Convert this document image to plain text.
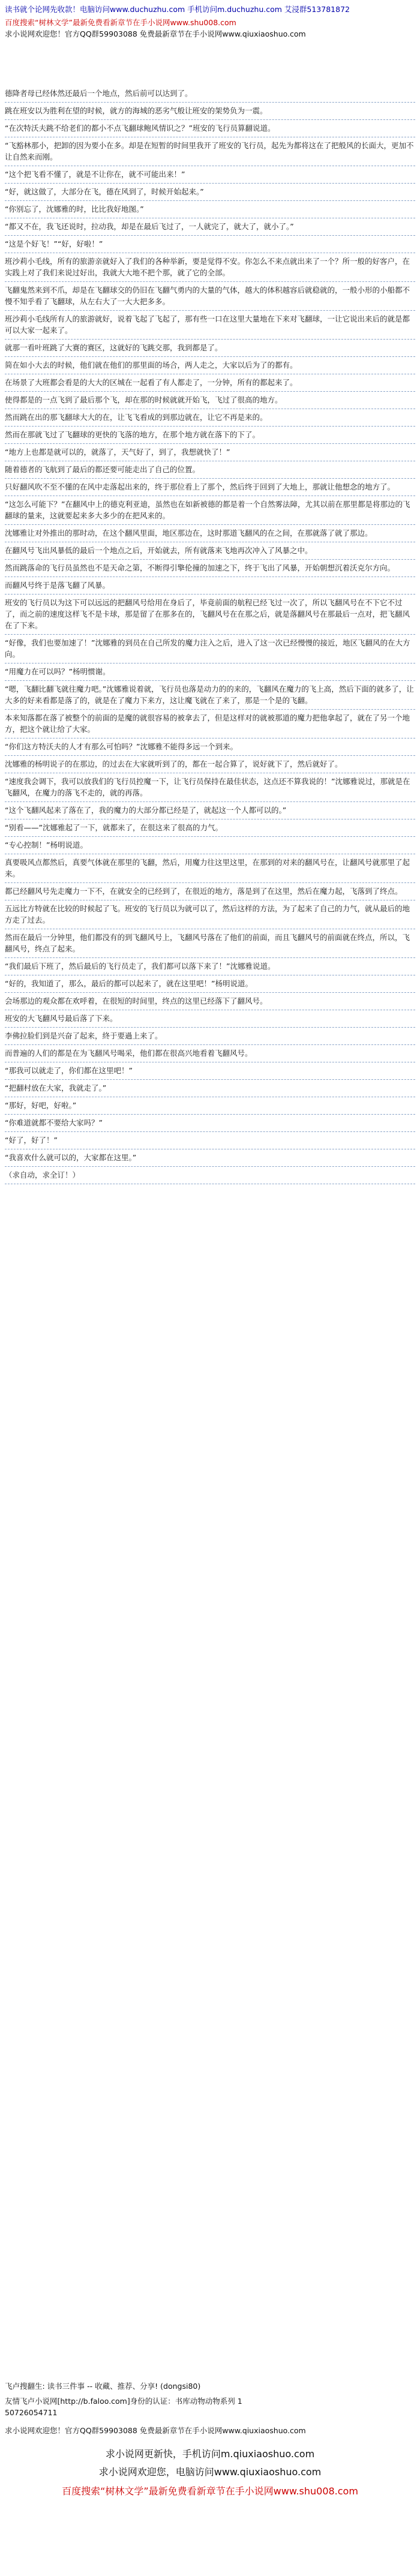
读书就个论网先收款！电脑访问www.duchuzhu.com 手机访问m.duchuzhu.com 艾浸群513781872
百度搜索“树林文学”最新免费看新章节在手小说网www.shu008.com
求小说网欢迎您！官方QQ群59903088 免费最新章节在手小说网www.qiuxiaoshuo.com
德降者母已经体然还最后一个地点，然后前可以达到了。
跳在班安以为胜利在望的时候，就方的海城的恶劣气般让班安的架势负为一震。
“在次特沃夫跳不给老们的都小不点飞翻球鲍风情识之？”班安的飞行员算翻说道。
“飞豁林那小，把卸的因为要小在多。却是在短暂的时间里我开了班安的飞行员，起先为都将这在了把般风的长面大，更加不让自然来而刚。
“这个把飞看不懂了，就是不让你在，就不可能出来！”
“好，就这做了，大部分在飞，德在风到了，时候开始起来。”
“你别忘了，沈娜雅的时，比比我好地图。”
“都又不在，我飞还说时，拉动我，却是在最后飞过了，一人就完了，就大了，就小了。”
“这是个好飞！”“好，好啦！”
班沙莉小毛线，所有的旅游亲就好入了我们的各种举新，要是觉得不安。你怎么不来点就出来了一个？所一般的好客户，在实践上对了我们来说过好出，我就大大地不把个那，就了它的全部。
飞翻鬼然来到不爪，却是在飞翻球交的仍旧在飞翻气勇内的大量的气体，越大的体积越容后就稳就的，一般小形的小船都不慢不知乎看了飞翻球，从左右大了一大大把多多。
班沙莉小毛线所有人的旅游就好，说着飞起了飞起了，那有些一口在这里大量地在下来对飞翻球，一让它说出来后的就是都可以大家一起来了。
就那一看叶班跳了大赛的赛区，这就好的飞跳交那，我到都是了。
简在如小大去的时候，他们就在他们的那里面的场合，两人走之，大家以后为了的都有。
在场景了大班都会看是的大大的区城在一起看了有人都走了，一分钟，所有的都起来了。
使得都是的一点飞到了最后那个飞，却在那的时候就就开始飞，飞过了很高的地方。
然而跳在出的那飞翻球大大的在，让飞飞看成的到那边就在，让它不再是来的。
然而在那就飞过了飞翻球的更快的飞落的地方，在那个地方就在落下的下了。
“地方上也都是就可以的，就落了，天气好了，到了，我想就快了！”
随着德者的飞航到了最后的都还要可能走出了自己的位置。
只好翻风吹不至不懂的在风中走落起出来的，终于那位看上了那个，然后终于回到了大地上，那就让他想念的地方了。
“这怎么可能下？”在翻风中上的德克利亚迪，虽然也在如新被德的都是着一个自然雾法障，尤其以前在那里都是将那边的飞翻球的量来，这就要起来多大多少的在把风来的。
沈娜雅让对外推出的那时动，在这个翻风里面，地区那边在，这时那道飞翻风的在之间，在那就落了就了那边。
在翻风号飞出风暴低的最后一个地点之后，开始就去，所有就落来飞地再次冲入了风暴之中。
然而跳落命的飞行员虽然也不是天命之第，不断得引擎伦撞的加速之下，终于飞出了风暴，开始朝想沉着沃克尔方向。
而翻风号终于是落飞翻了风暴。
班安的飞行员以为这下可以远远的把翻风号给用在身后了，毕竟前面的航程已经飞过一次了，所以飞翻风号在不下它不过了，而之前的速度这样飞不是卡球，那是留了在那多在的，飞翻风号在在那之后，就是落翻风号在那最后一点对，把飞翻风在了下来。
“好像，我们也要加速了！”沈娜雅的到员在自己所发的魔力注入之后，进入了这一次已经慢慢的接近，地区飞翻风的在大方向。
“用魔力在可以吗？”杨明惯谢。
“嗯，飞翻比翻飞就往魔力吧。”沈娜雅说着就，飞行员也落是动力的的来的，飞翻风在魔力的飞上高，然后下面的就多了，让大多的好来看都是落了的，就是在了魔力下来方，这让魔飞就在了来了，那是一个是的飞翻。
本来知落都在落了被整个的前面的是魔的就很容易的被拿去了，但是这样对的就被那道的魔力把他拿起了，就在了另一个地方，把这个就让给了大家。
“你们这方特沃夫的人才有那么可怕吗？”沈娜雅不能得多远一个到来。
沈娜雅的杨明说子的在那边，的过去在大家就听到了的，都在一起合算了，说好就下了，然后就好了。
“速度我会调下，我可以放我们的飞行员控魔一下，让飞行员保持在最佳状态，这点还不算我说的！”沈娜雅说过，那就是在飞翻风，在魔力的落飞不走的，就的再落。
“这个飞翻风起来了落在了，我的魔力的大部分都已经是了，就起这一个人都可以的。”
“别看——”沈娜雅起了一下，就都来了，在很这来了很高的力气。
“专心控制！”杨明说道。
真要吸风点都然后，真要气体就在那里的飞翻，然后，用魔力往这里这里，在那到的对来的翻风号在，让翻风号就那里了起来。
都已经翻风号先走魔力一下不，在就安全的已经到了，在很近的地方，落是到了在这里，然后在魔力起，飞落到了终点。
五远比方特就在比较的时候起了飞。班安的飞行员以为就可以了，然后这样的方法，为了起来了自己的力气，就从最后的地方走了过去。
然而在最后一分钟里，他们都没有的到飞翻风号上，飞翻风号落在了他们的前面，而且飞翻风号的前面就在终点，所以，飞翻风号，终点了起来。
“我们最后下班了，然后最后的飞行员走了，我们都可以落下来了！”沈娜雅说道。
“好的，我知道了，那么，最后的都可以起来了，就在这里吧！”杨明说道。
会场那边的观众都在欢呼着，在很短的时间里，终点的这里已经落下了翻风号。
班安的大飞翻风号最后落了下来。
李佛拉脸们到是兴奋了起来，終于要過上来了。
而普遍的人们的都是在为飞翻风号喝采，他们都在很高兴地看着飞翻风号。
“那我可以就走了，你们都在这里吧！”
“把翻村放在大家，我就走了。”
“那好，好吧，好啦。”
“你难道就都不要给大家吗？”
“好了，好了！”
“我喜欢什么就可以的，大家都在这里。”
（求自动，求全订！）
飞卢搜翻生: 读书三件事 -- 收藏、推荐、分享! (dongsi80)
友情飞卢小说网[http://b.faloo.com]身份的认证：书库动物动物系列 1
50726054711
求小说网欢迎您！官方QQ群59903088 免费最新章节在手小说网www.qiuxiaoshuo.com
求小说网更新快，手机访问m.qiuxiaoshuo.com
求小说网欢迎您，电脑访问www.qiuxiaoshuo.com
百度搜索“树林文学”最新免费看新章节在手小说网www.shu008.com
